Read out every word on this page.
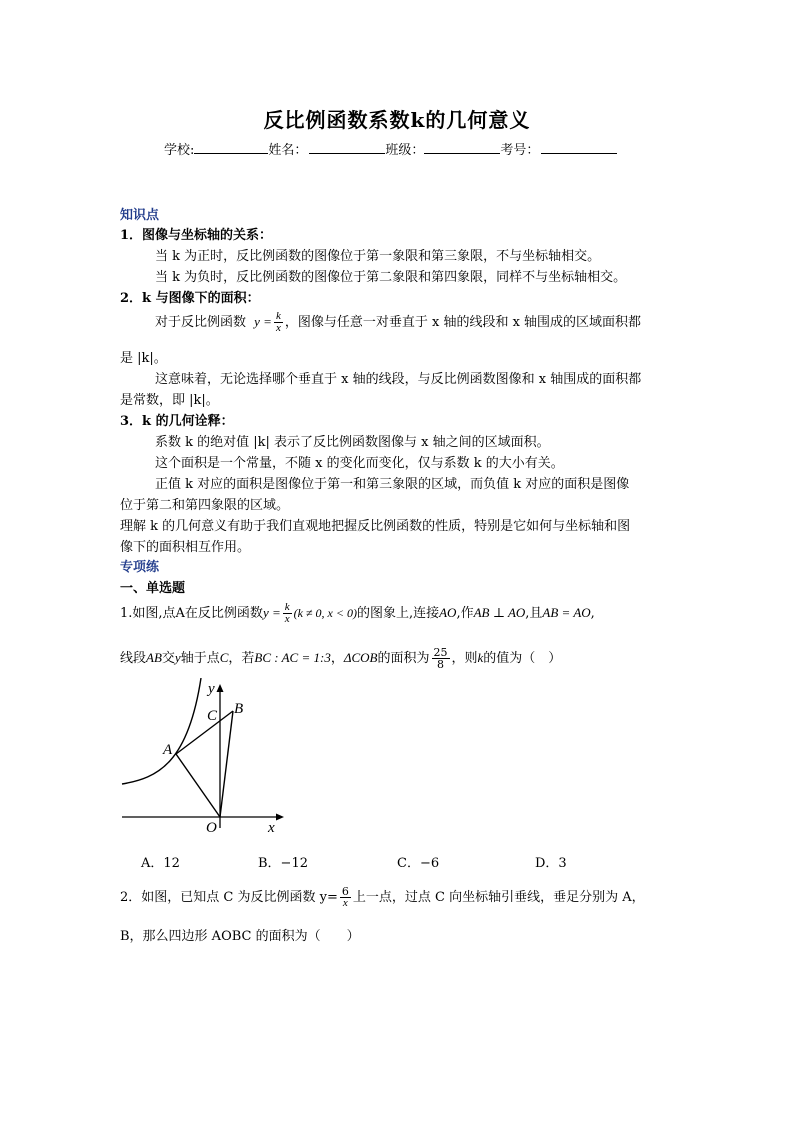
反比例函数系数k的几何意义
学校:	姓名：	班级：	考号：
知识点
1．图像与坐标轴的关系：
当 k 为正时，反比例函数的图像位于第一象限和第三象限，不与坐标轴相交。
当 k 为负时，反比例函数的图像位于第二象限和第四象限，同样不与坐标轴相交。
2．k 与图像下的面积：
对于反比例函数 $y = \frac{k}{x}$ ，图像与任意一对垂直于 x 轴的线段和 x 轴围成的区域面积都
是 |k|。
这意味着，无论选择哪个垂直于 x 轴的线段，与反比例函数图像和 x 轴围成的面积都
是常数，即 |k|。
3．k 的几何诠释：
系数 k 的绝对值 |k| 表示了反比例函数图像与 x 轴之间的区域面积。
这个面积是一个常量，不随 x 的变化而变化，仅与系数 k 的大小有关。
正值 k 对应的面积是图像位于第一和第三象限的区域，而负值 k 对应的面积是图像
位于第二和第四象限的区域。
理解 k 的几何意义有助于我们直观地把握反比例函数的性质，特别是它如何与坐标轴和图
像下的面积相互作用。
专项练
一、单选题
1.如图,点A在反比例函数$y = \frac{k}{x} (k \ne 0$, x < 0)的图象上,连接AO,作AB ⊥ AO,且AB = AO,
线段AB交y轴于点C，若BC : AC = 1:3，ΔCOB的面积为 $\frac{25}{8}$ ，则k的值为（　）
y
x
A
B
C
O
A．12	B．−12	C．−6	D．3
2．如图，已知点 C 为反比例函数 $y= \frac{6}{x}$ 上一点，过点 C 向坐标轴引垂线，垂足分别为 A，
B，那么四边形 AOBC 的面积为（　　）
